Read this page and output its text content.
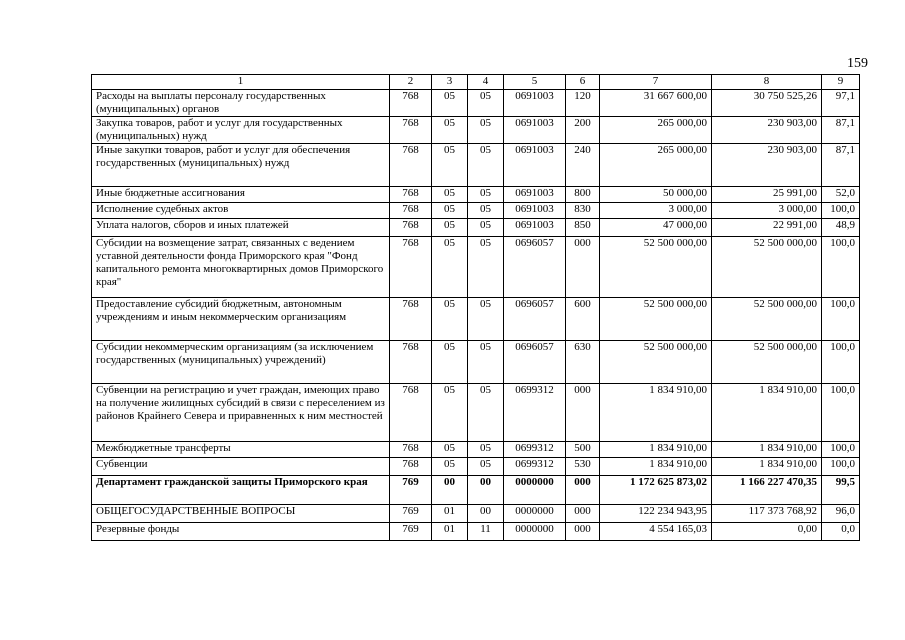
159
1	2	3	4	5	6	7	8	9
Расходы на выплаты персоналу государственных (муниципальных) органов	768	05	05	0691003	120	31 667 600,00	30 750 525,26	97,1
Закупка товаров, работ и услуг для государственных (муниципальных) нужд	768	05	05	0691003	200	265 000,00	230 903,00	87,1
Иные закупки товаров, работ и услуг для обеспечения государственных (муниципальных) нужд	768	05	05	0691003	240	265 000,00	230 903,00	87,1
Иные бюджетные ассигнования	768	05	05	0691003	800	50 000,00	25 991,00	52,0
Исполнение судебных актов	768	05	05	0691003	830	3 000,00	3 000,00	100,0
Уплата налогов, сборов и иных платежей	768	05	05	0691003	850	47 000,00	22 991,00	48,9
Субсидии на возмещение затрат, связанных с ведением уставной деятельности фонда Приморского края "Фонд капитального ремонта многоквартирных домов Приморского края"	768	05	05	0696057	000	52 500 000,00	52 500 000,00	100,0
Предоставление субсидий бюджетным, автономным учреждениям и иным некоммерческим организациям	768	05	05	0696057	600	52 500 000,00	52 500 000,00	100,0
Субсидии некоммерческим организациям (за исключением государственных (муниципальных) учреждений)	768	05	05	0696057	630	52 500 000,00	52 500 000,00	100,0
Субвенции на регистрацию и учет граждан, имеющих право на получение жилищных субсидий в связи с переселением из районов Крайнего Севера и приравненных к ним местностей	768	05	05	0699312	000	1 834 910,00	1 834 910,00	100,0
Межбюджетные трансферты	768	05	05	0699312	500	1 834 910,00	1 834 910,00	100,0
Субвенции	768	05	05	0699312	530	1 834 910,00	1 834 910,00	100,0
Департамент гражданской защиты Приморского края	769	00	00	0000000	000	1 172 625 873,02	1 166 227 470,35	99,5
ОБЩЕГОСУДАРСТВЕННЫЕ ВОПРОСЫ	769	01	00	0000000	000	122 234 943,95	117 373 768,92	96,0
Резервные фонды	769	01	11	0000000	000	4 554 165,03	0,00	0,0
